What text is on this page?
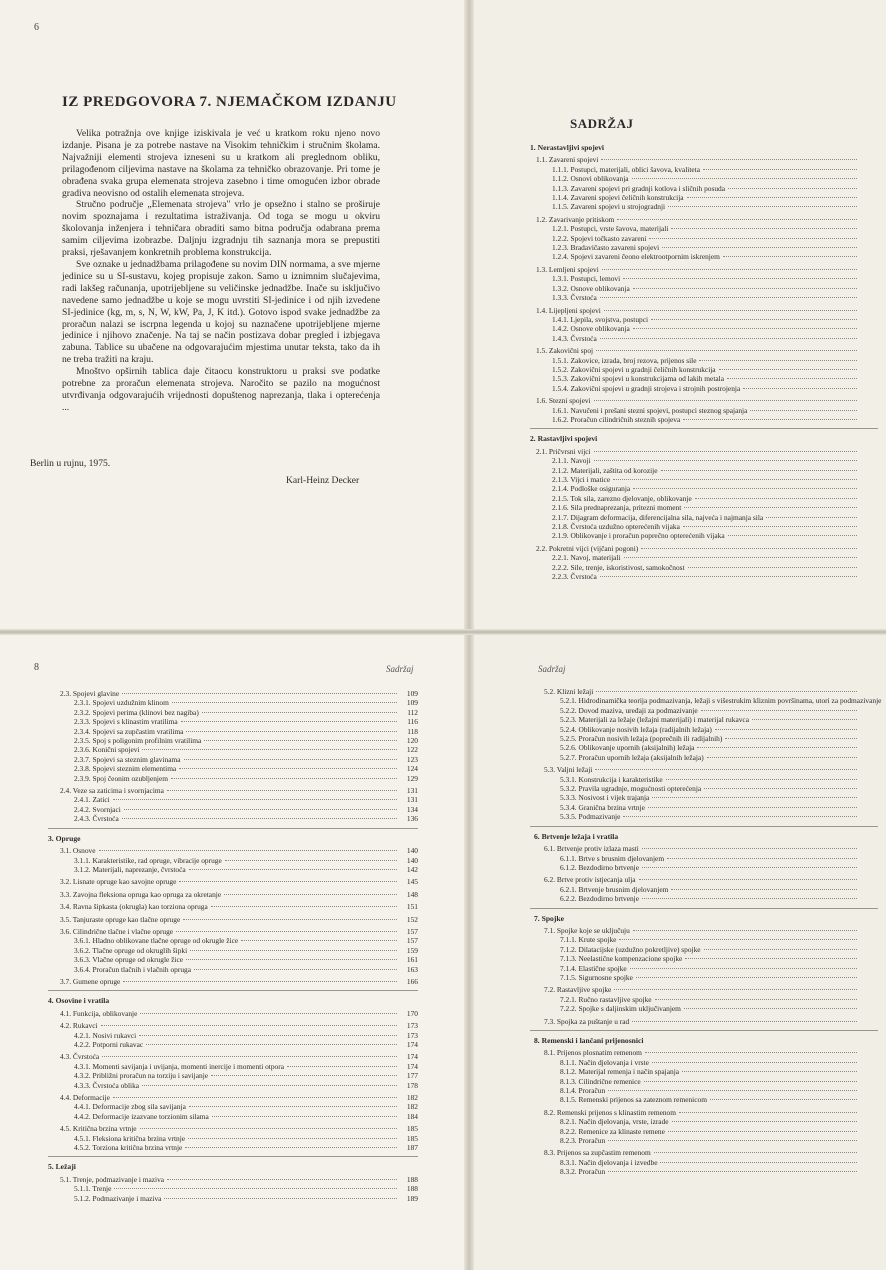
6
IZ PREDGOVORA 7. NJEMAČKOM IZDANJU

Velika potražnja ove knjige iziskivala je već u kratkom roku njeno novo izdanje. Pisana je za potrebe nastave na Visokim tehničkim i stručnim školama. Najvažniji elementi strojeva izneseni su u kratkom ali preglednom obliku, prilagođenom ciljevima nastave na školama za tehničko obrazovanje. Pri tome je obrađena svaka grupa elemenata strojeva zasebno i time omogućen izbor obrade gradiva neovisno od ostalih elemenata strojeva.

Stručno područje „Elemenata strojeva" vrlo je opsežno i stalno se proširuje novim spoznajama i rezultatima istraživanja. Od toga se mogu u okviru školovanja inženjera i tehničara obraditi samo bitna područja odabrana prema samim ciljevima izobrazbe. Daljnju izgradnju tih saznanja mora se prepustiti praksi, rješavanjem konkretnih problema konstrukcija.

Sve oznake u jednadžbama prilagođene su novim DIN normama, a sve mjerne jedinice su u SI-sustavu, kojeg propisuje zakon. Samo u iznimnim slučajevima, radi lakšeg računanja, upotrijebljene su veličinske jednadžbe. Inače su isključivo navedene samo jednadžbe u koje se mogu uvrstiti SI-jedinice i od njih izvedene SI-jedinice (kg, m, s, N, W, kW, Pa, J, K itd.). Gotovo ispod svake jednadžbe za proračun nalazi se iscrpna legenda u kojoj su naznačene upotrijebljene mjerne jedinice i njihovo značenje. Na taj se način postizava dobar pregled i izbjegava zabuna. Tablice su ubačene na odgovarajućim mjestima unutar teksta, tako da ih ne treba tražiti na kraju.

Mnoštvo opširnih tablica daje čitaocu konstruktoru u praksi sve podatke potrebne za proračun elemenata strojeva. Naročito se pazilo na mogućnost utvrđivanja odgovarajućih vrijednosti dopuštenog naprezanja, tlaka i opterećenja ...

Berlin u rujnu, 1975.
Karl-Heinz Decker
SADRŽAJ
1. Nerastavljivi spojevi
1.1. Zavareni spojevi
1.1.1. Postupci, materijali, oblici šavova, kvaliteta
1.1.2. Osnovi oblikovanja
1.1.3. Zavareni spojevi pri gradnji kotlova i sličnih posuda
1.1.4. Zavareni spojevi čeličnih konstrukcija
1.1.5. Zavareni spojevi u strojogradnji
1.2. Zavarivanje pritiskom
1.2.1. Postupci, vrste šavova, materijali
1.2.2. Spojevi točkasto zavareni
1.2.3. Bradavičasto zavareni spojevi
1.2.4. Spojevi zavareni čeono elektrootpornim iskrenjem
1.3. Lemljeni spojevi
1.3.1. Postupci, lemovi
1.3.2. Osnove oblikovanja
1.3.3. Čvrstoća
1.4. Lijepljeni spojevi
1.4.1. Ljepila, svojstva, postupci
1.4.2. Osnove oblikovanja
1.4.3. Čvrstoća
1.5. Zakovični spoj
1.5.1. Zakovice, izrada, broj rezova, prijenos sile
1.5.2. Zakovični spojevi u gradnji čeličnih konstrukcija
1.5.3. Zakovični spojevi u konstrukcijama od lakih metala
1.5.4. Zakovični spojevi u gradnji strojeva i strojnih postrojenja
1.6. Stezni spojevi
1.6.1. Navučeni i prešani stezni spojevi, postupci steznog spajanja
1.6.2. Proračun cilindričnih steznih spojeva
2. Rastavljivi spojevi
2.1. Pričvrsni vijci
2.1.1. Navoji
2.1.2. Materijali, zaštita od korozije
2.1.3. Vijci i matice
2.1.4. Podloške osiguranja
2.1.5. Tok sila, zarezno djelovanje, oblikovanje
2.1.6. Sila prednaprezanja, pritezni moment
2.1.7. Dijagram deformacija, diferencijalna sila, najveća i najmanja sila
2.1.8. Čvrstoća uzdužno opterećenih vijaka
2.1.9. Oblikovanje i proračun poprečno opterećenih vijaka
2.2. Pokretni vijci (vijčani pogoni)
2.2.1. Navoj, materijali
2.2.2. Sile, trenje, iskoristivost, samokočnost
2.2.3. Čvrstoća
8	Sadržaj
2.3. Spojevi glavine	109
2.3.1. Spojevi uzdužnim klinom	109
2.3.2. Spojevi perima (klinovi bez nagiba)	112
2.3.3. Spojevi s klinastim vratilima	116
2.3.4. Spojevi sa zupčastim vratilima	118
2.3.5. Spoj s poligonim profilnim vratilima	120
2.3.6. Konični spojevi	122
2.3.7. Spojevi sa steznim glavinama	123
2.3.8. Spojevi steznim elementima	124
2.3.9. Spoj čeonim ozubljenjem	129
2.4. Veze sa zaticima i svornjacima	131
2.4.1. Zatici	131
2.4.2. Svornjaci	134
2.4.3. Čvrstoća	136
3. Opruge
3.1. Osnove	140
3.1.1. Karakteristike, rad opruge, vibracije opruge	140
3.1.2. Materijali, naprezanje, čvrstoća	142
3.2. Lisnate opruge kao savojne opruge	145
3.3. Zavojna fleksiona opruga kao opruga za okretanje	148
3.4. Ravna šipkasta (okrugla) kao torziona opruga	151
3.5. Tanjuraste opruge kao tlačne opruge	152
3.6. Cilindrične tlačne i vlačne opruge	157
3.6.1. Hladno oblikovane tlačne opruge od okrugle žice	157
3.6.2. Tlačne opruge od okruglih šipki	159
3.6.3. Vlačne opruge od okrugle žice	161
3.6.4. Proračun tlačnih i vlačnih opruga	163
3.7. Gumene opruge	166
4. Osovine i vratila
4.1. Funkcija, oblikovanje	170
4.2. Rukavci	173
4.2.1. Nosivi rukavci	173
4.2.2. Potporni rukavac	174
4.3. Čvrstoća	174
4.3.1. Momenti savijanja i uvijanja, momenti inercije i momenti otpora	174
4.3.2. Približni proračun na torziju i savijanje	177
4.3.3. Čvrstoća oblika	178
4.4. Deformacije	182
4.4.1. Deformacije zbog sila savijanja	182
4.4.2. Deformacije izazvane torzionim silama	184
4.5. Kritična brzina vrtnje	185
4.5.1. Fleksiona kritična brzina vrtnje	185
4.5.2. Torziona kritična brzina vrtnje	187
5. Ležaji
5.1. Trenje, podmazivanje i maziva	188
5.1.1. Trenje	188
5.1.2. Podmazivanje i maziva	189
Sadržaj
5.2. Klizni ležaji
5.2.1. Hidrodinamička teorija podmazivanja, ležaji s višestrukim kliznim površinama, utori za podmazivanje
5.2.2. Dovod maziva, uređaji za podmazivanje
5.2.3. Materijali za ležaje (ležajni materijali) i materijal rukavca
5.2.4. Oblikovanje nosivih ležaja (radijalnih ležaja)
5.2.5. Proračun nosivih ležaja (poprečnih ili radijalnih)
5.2.6. Oblikovanje upornih (aksijalnih) ležaja
5.2.7. Proračun upornih ležaja (aksijalnih ležaja)
5.3. Valjni ležaji
5.3.1. Konstrukcija i karakteristike
5.3.2. Pravila ugradnje, mogućnosti opterećenja
5.3.3. Nosivost i vijek trajanja
5.3.4. Granična brzina vrtnje
5.3.5. Podmazivanje
6. Brtvenje ležaja i vratila
6.1. Brtvenje protiv izlaza masti
6.1.1. Brtve s brusnim djelovanjem
6.1.2. Bezdodirno brtvenje
6.2. Brtve protiv istjecanja ulja
6.2.1. Brtvenje brusnim djelovanjem
6.2.2. Bezdodirno brtvenje
7. Spojke
7.1. Spojke koje se uključuju
7.1.1. Krute spojke
7.1.2. Dilatacijske (uzdužno pokretljive) spojke
7.1.3. Neelastične kompenzacione spojke
7.1.4. Elastične spojke
7.1.5. Sigurnosne spojke
7.2. Rastavljive spojke
7.2.1. Ručno rastavljive spojke
7.2.2. Spojke s daljinskim uključivanjem
7.3. Spojka za puštanje u rad
8. Remenski i lančani prijenosnici
8.1. Prijenos plosnatim remenom
8.1.1. Način djelovanja i vrste
8.1.2. Materijal remenja i način spajanja
8.1.3. Cilindrične remenice
8.1.4. Proračun
8.1.5. Remenski prijenos sa zateznom remenicom
8.2. Remenski prijenos s klinastim remenom
8.2.1. Način djelovanja, vrste, izrade
8.2.2. Remenice za klinaste remene
8.2.3. Proračun
8.3. Prijenos sa zupčastim remenom
8.3.1. Način djelovanja i izvedbe
8.3.2. Proračun
